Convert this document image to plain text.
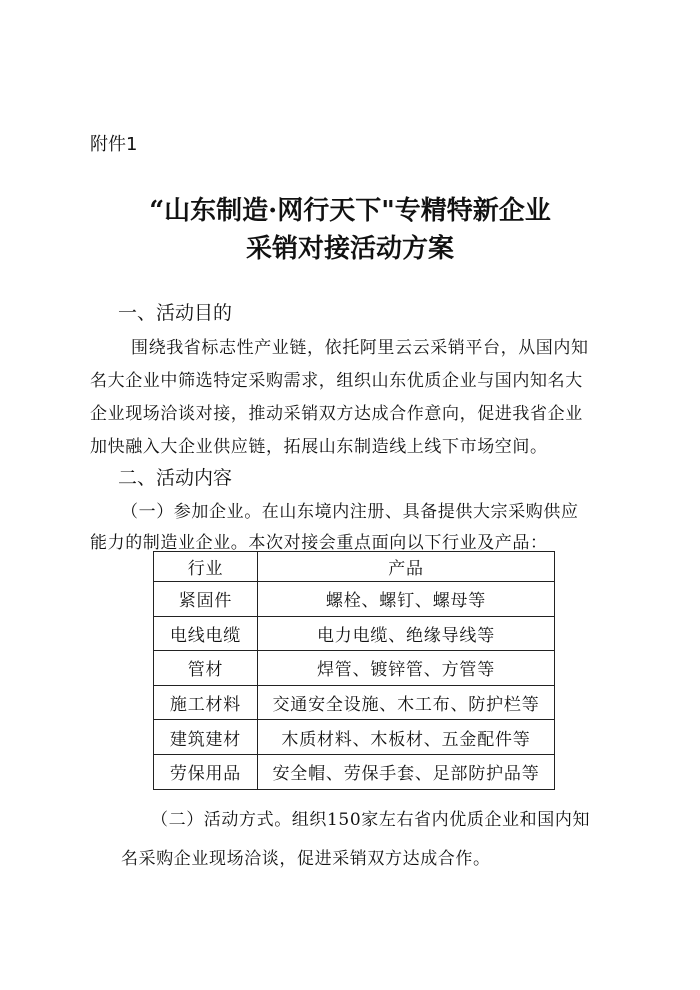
附件1
“山东制造·网行天下"专精特新企业
采销对接活动方案
一、活动目的
围绕我省标志性产业链，依托阿里云云采销平台，从国内知
名大企业中筛选特定采购需求，组织山东优质企业与国内知名大
企业现场洽谈对接，推动采销双方达成合作意向，促进我省企业
加快融入大企业供应链，拓展山东制造线上线下市场空间。
二、活动内容
（一）参加企业。在山东境内注册、具备提供大宗采购供应
能力的制造业企业。本次对接会重点面向以下行业及产品：
行业	产品
紧固件	螺栓、螺钉、螺母等
电线电缆	电力电缆、绝缘导线等
管材	焊管、镀锌管、方管等
施工材料	交通安全设施、木工布、防护栏等
建筑建材	木质材料、木板材、五金配件等
劳保用品	安全帽、劳保手套、足部防护品等
（二）活动方式。组织150家左右省内优质企业和国内知
名采购企业现场洽谈，促进采销双方达成合作。
